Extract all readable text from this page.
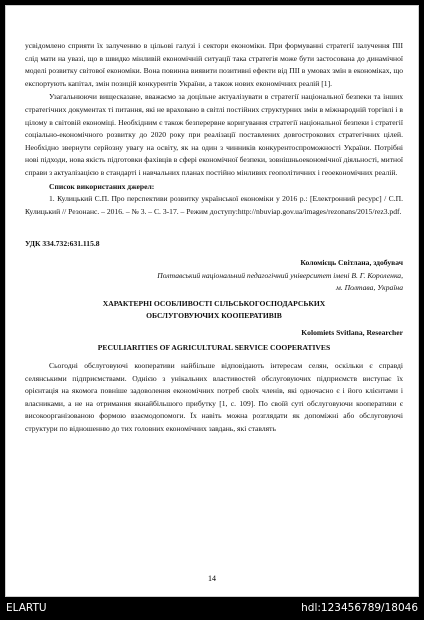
усвідомлено сприяти їх залученню в цільові галузі і сектори економіки. При формуванні стратегії залучення ПІІ слід мати на увазі, що в швидко мінливій економічній ситуації така стратегія може бути застосована до динамічної моделі розвитку світової економіки. Вона повинна виявити позитивні ефекти від ПІІ в умовах змін в економіках, що експортують капітал, змін позицій конкурентів України, а також нових економічних реалій [1].

Узагальнюючи вищесказане, вважаємо за доцільне актуалізувати в стратегії національної безпеки та інших стратегічних документах ті питання, які не враховано в світлі постійних структурних змін в міжнародній торгівлі і в цілому в світовій економіці. Необхідним є також безперервне коригування стратегії національної безпеки і стратегії соціально-економічного розвитку до 2020 року при реалізації поставлених довгострокових стратегічних цілей. Необхідно звернути серйозну увагу на освіту, як на один з чинників конкурентоспроможності України. Потрібні нові підходи, нова якість підготовки фахівців в сфері економічної безпеки, зовнішньоекономічної діяльності, митної справи з актуалізацією в стандарті і навчальних планах постійно мінливих геополітичних і геоекономічних реалій.

Список використаних джерел:

1. Кулицький С.П. Про перспективи розвитку української економіки у 2016 р.: [Електронний ресурс] / С.П. Кулицький // Резонанс. – 2016. – № 3. – С. 3-17. – Режим доступу:http://nbuviap.gov.ua/images/rezonans/2015/rez3.pdf.

УДК 334.732:631.115.8

Коломієць Світлана, здобувач

Полтавський національний педагогічний університет імені В. Г. Короленка,

м. Полтава, Україна

ХАРАКТЕРНІ ОСОБЛИВОСТІ СІЛЬСЬКОГОСПОДАРСЬКИХ

ОБСЛУГОВУЮЧИХ КООПЕРАТИВІВ

Kolomiets Svitlana, Researcher

PECULIARITIES OF AGRICULTURAL SERVICE COOPERATIVES

Сьогодні обслуговуючі кооперативи найбільше відповідають інтересам селян, оскільки є справді селянськими підприємствами. Однією з унікальних властивостей обслуговуючих підприємств виступає їх орієнтація на якомога повніше задоволення економічних потреб своїх членів, які одночасно є і його клієнтами і власниками, а не на отримання якнайбільшого прибутку [1, с. 109]. По своїй суті обслуговуючи кооперативи є високоорганізованою формою взаємодопомоги. Їх навіть можна розглядати як допоміжні або обслуговуючі структури по відношенню до тих головних економічних завдань, які ставлять

14
ELARTU	hdl:123456789/18046
